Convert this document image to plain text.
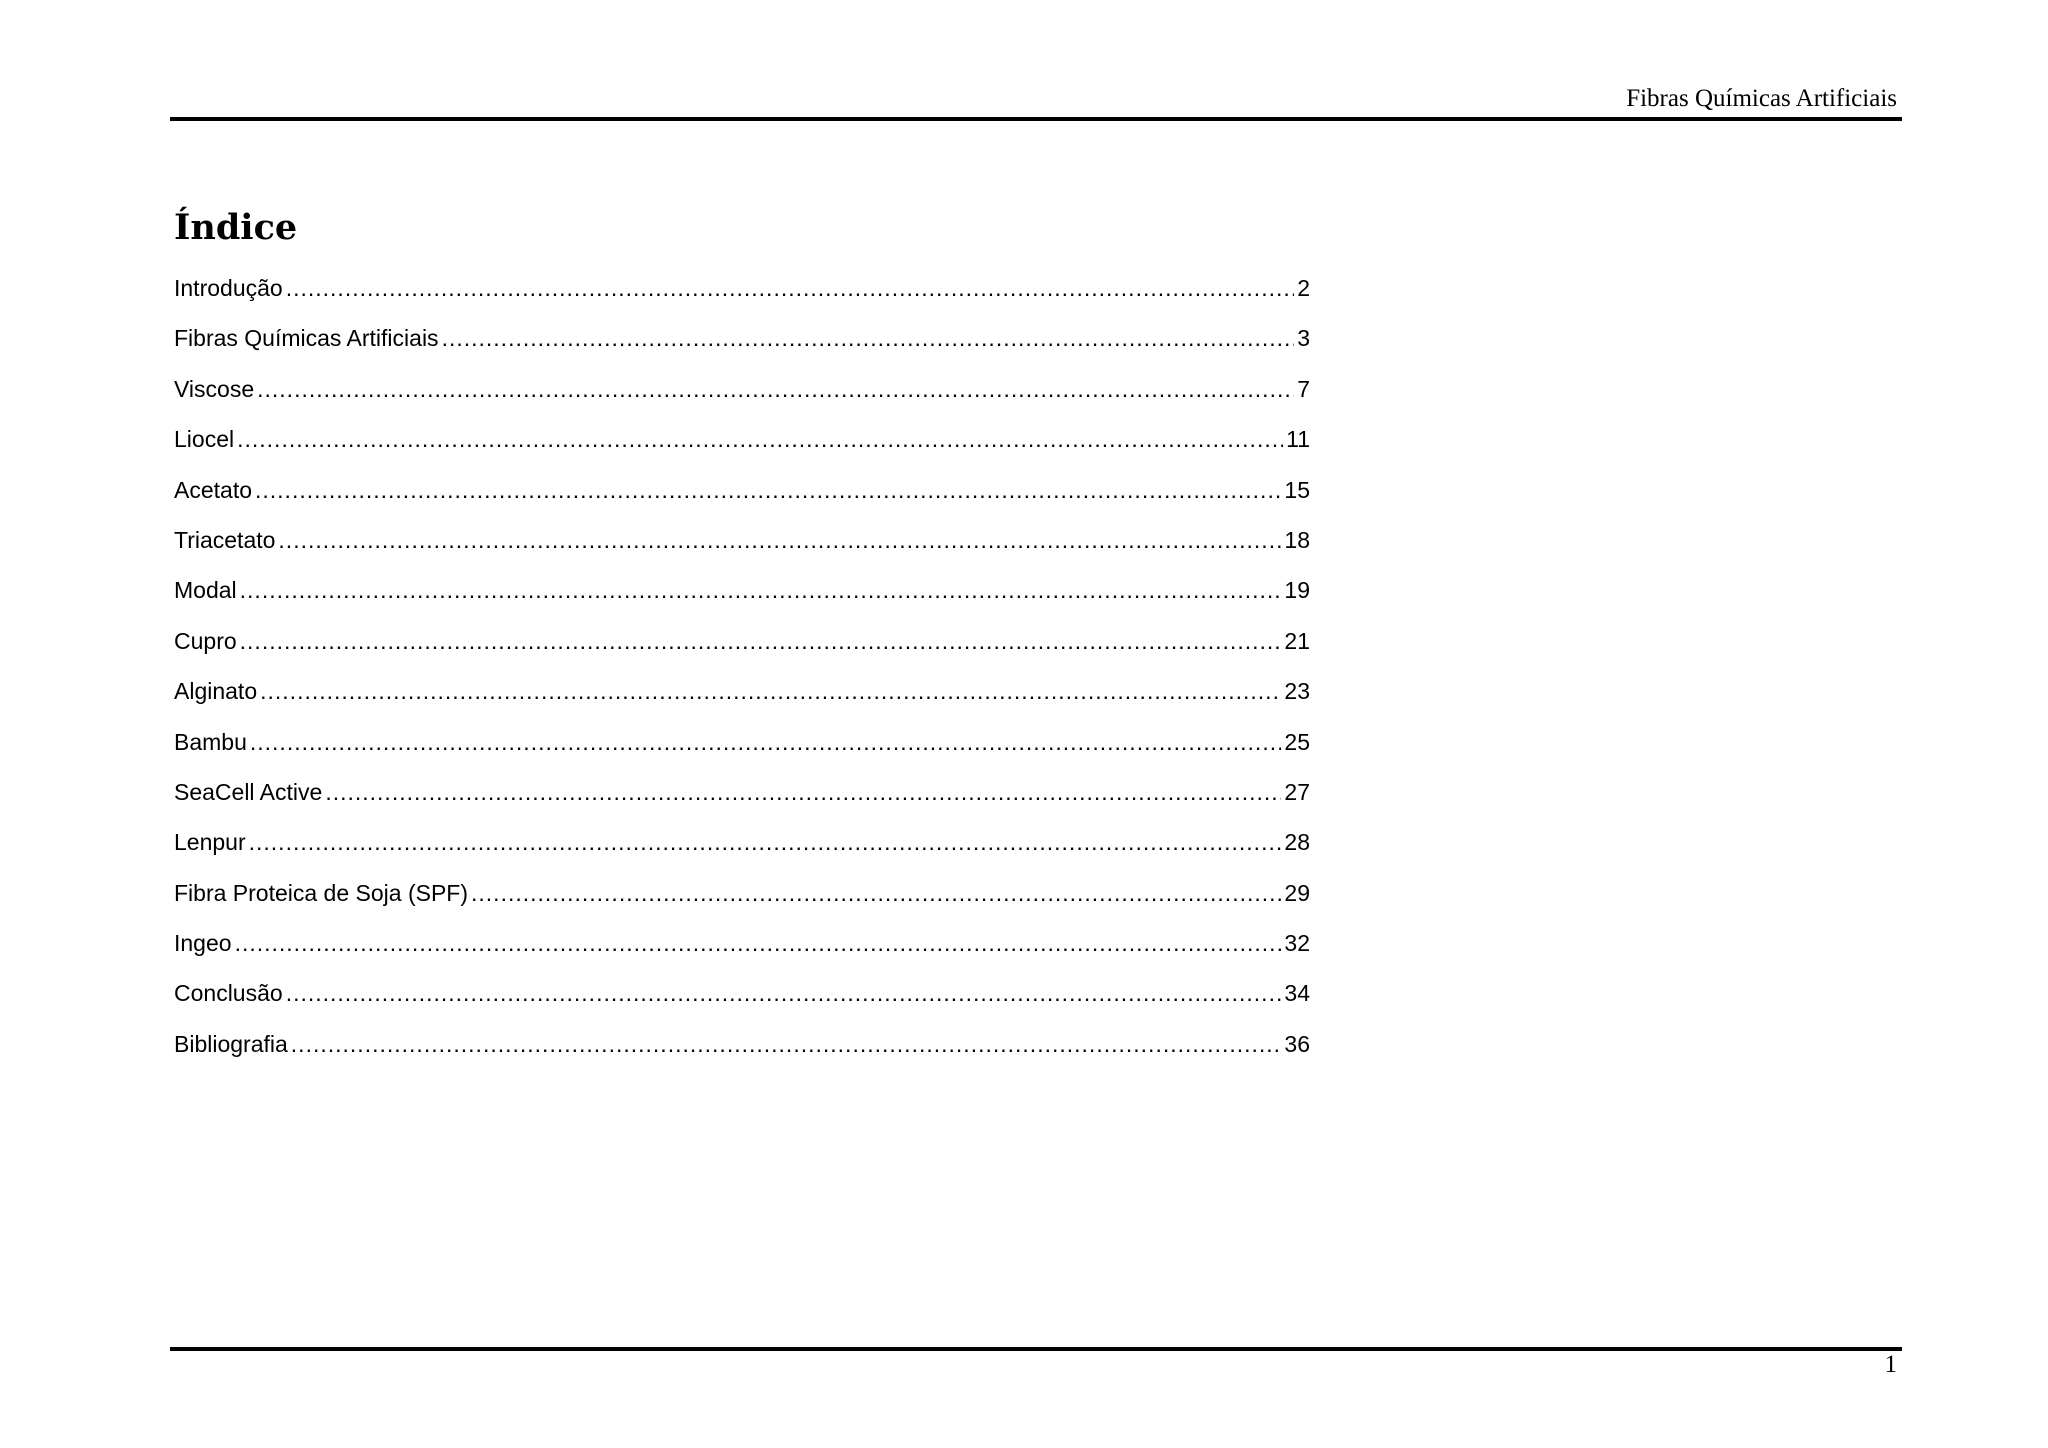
Fibras Químicas Artificiais
Índice
Introdução .....	2
Fibras Químicas Artificiais .....	3
Viscose .....	7
Liocel .....	11
Acetato .....	15
Triacetato .....	18
Modal .....	19
Cupro .....	21
Alginato .....	23
Bambu .....	25
SeaCell Active .....	27
Lenpur .....	28
Fibra Proteica de Soja (SPF) .....	29
Ingeo .....	32
Conclusão .....	34
Bibliografia .....	36
1
